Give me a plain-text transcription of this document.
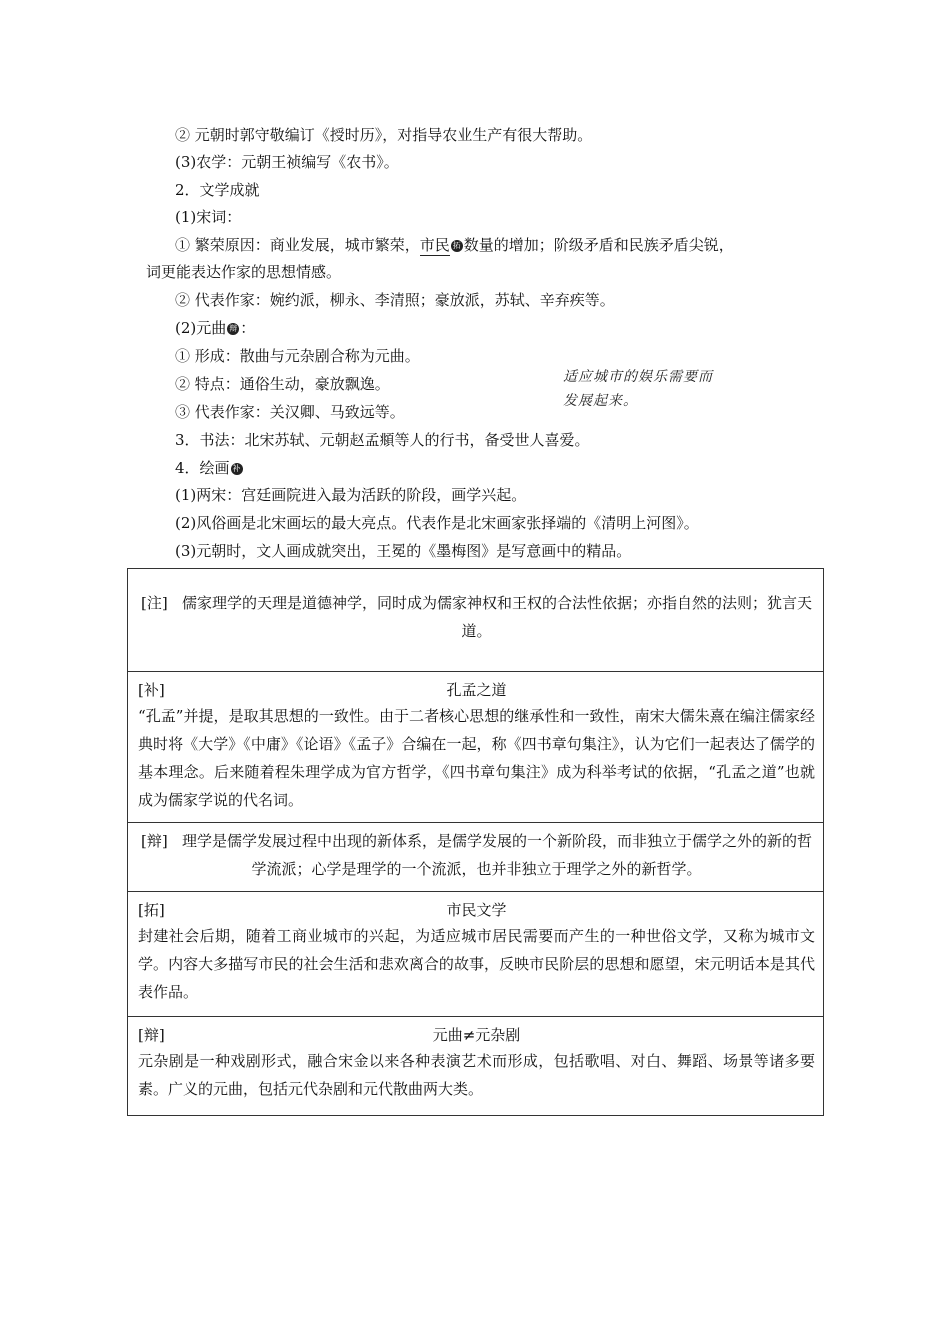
② 元朝时郭守敬编订《授时历》，对指导农业生产有很大帮助。
(3)农学：元朝王祯编写《农书》。
2．文学成就
(1)宋词：
① 繁荣原因：商业发展，城市繁荣，市民 拓 数量的增加；阶级矛盾和民族矛盾尖锐，
词更能表达作家的思想情感。
② 代表作家：婉约派，柳永、李清照；豪放派，苏轼、辛弃疾等。
(2)元曲 辩 ：
① 形成：散曲与元杂剧合称为元曲。
② 特点：通俗生动，豪放飘逸。
③ 代表作家：关汉卿、马致远等。
3．书法：北宋苏轼、元朝赵孟頫等人的行书，备受世人喜爱。
4．绘画 补
(1)两宋：宫廷画院进入最为活跃的阶段，画学兴起。
(2)风俗画是北宋画坛的最大亮点。代表作是北宋画家张择端的《清明上河图》。
(3)元朝时，文人画成就突出，王冕的《墨梅图》是写意画中的精品。
适应城市的娱乐需要而
发展起来。
[注] 儒家理学的天理是道德神学，同时成为儒家神权和王权的合法性依据；亦指自然的法则；犹言天道。

[补]	孔孟之道
“孔孟”并提，是取其思想的一致性。由于二者核心思想的继承性和一致性，南宋大儒朱熹在编注儒家经典时将《大学》《中庸》《论语》《孟子》合编在一起，称《四书章句集注》，认为它们一起表达了儒学的基本理念。后来随着程朱理学成为官方哲学，《四书章句集注》成为科举考试的依据，“孔孟之道”也就成为儒家学说的代名词。

[辩] 理学是儒学发展过程中出现的新体系，是儒学发展的一个新阶段，而非独立于儒学之外的新的哲学流派；心学是理学的一个流派，也并非独立于理学之外的新哲学。

[拓]	市民文学
封建社会后期，随着工商业城市的兴起，为适应城市居民需要而产生的一种世俗文学，又称为城市文学。内容大多描写市民的社会生活和悲欢离合的故事，反映市民阶层的思想和愿望，宋元明话本是其代表作品。

[辩]	元曲≠元杂剧
元杂剧是一种戏剧形式，融合宋金以来各种表演艺术而形成，包括歌唱、对白、舞蹈、场景等诸多要素。广义的元曲，包括元代杂剧和元代散曲两大类。
